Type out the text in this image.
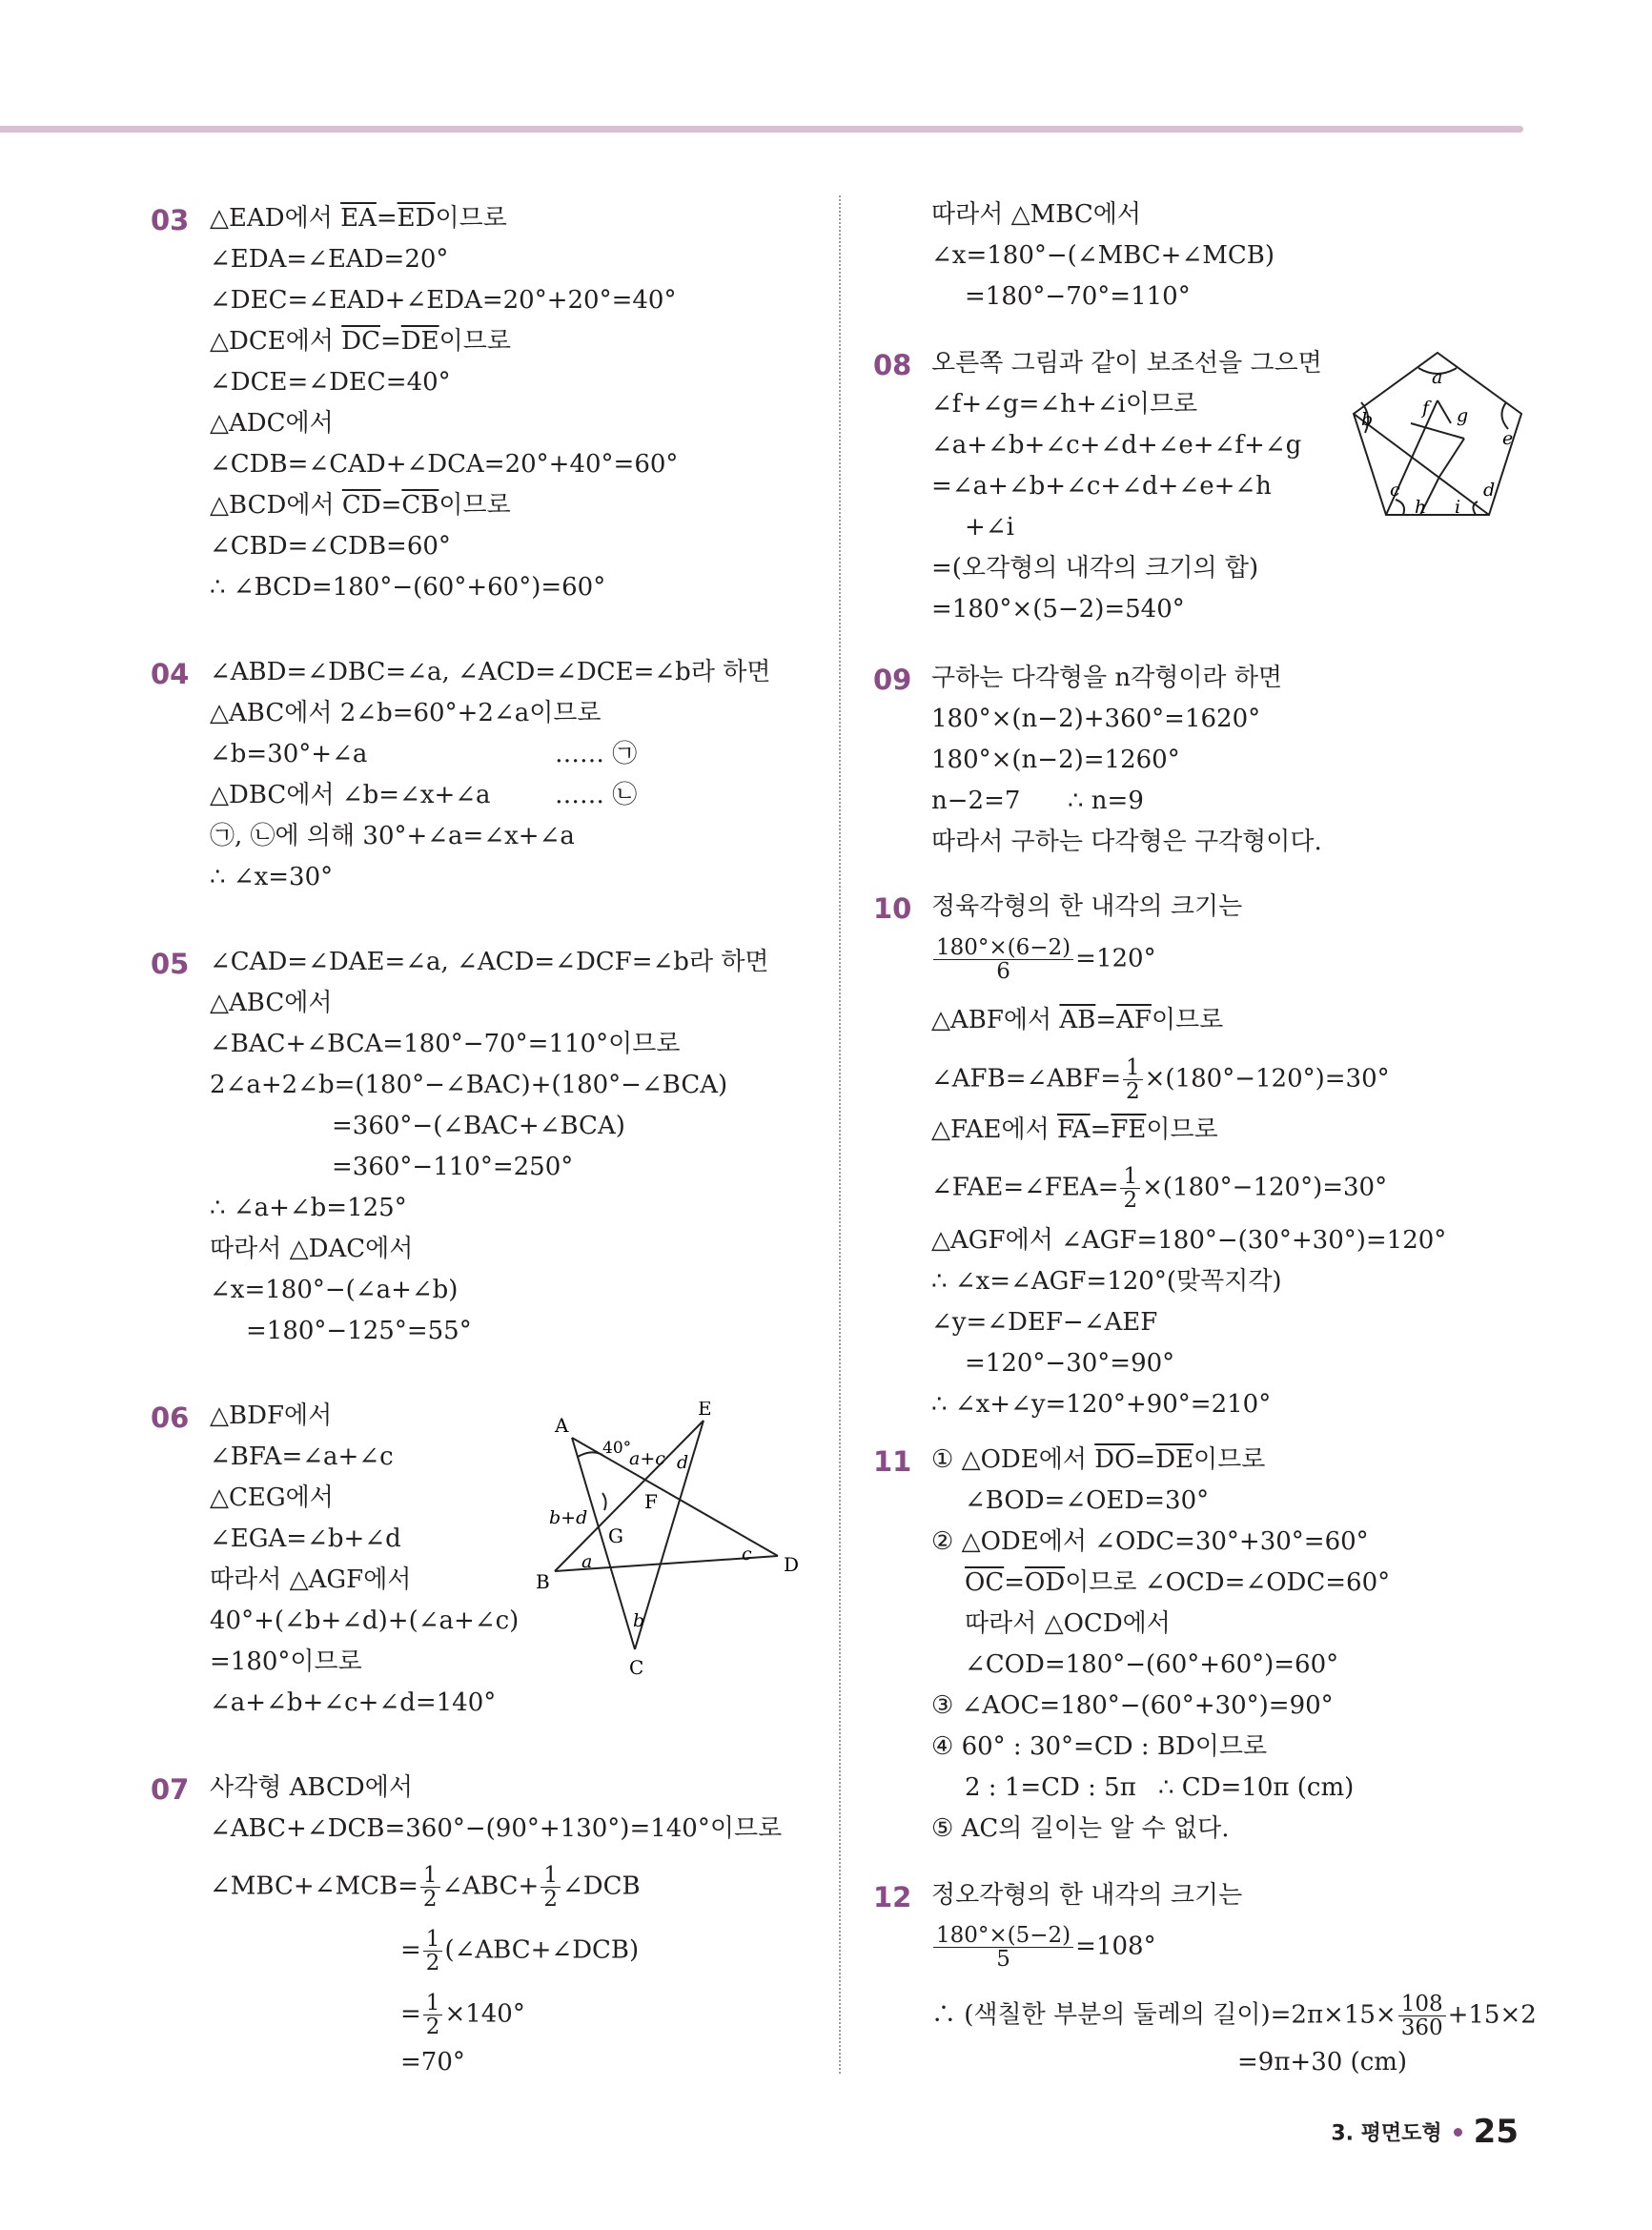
03 △EAD에서 $\overline{EA}=\overline{ED}$이므로
∠EDA=∠EAD=20°
∠DEC=∠EAD+∠EDA=20°+20°=40°
△DCE에서 $\overline{DC}=\overline{DE}$이므로
∠DCE=∠DEC=40°
△ADC에서
∠CDB=∠CAD+∠DCA=20°+40°=60°
△BCD에서 $\overline{CD}=\overline{CB}$이므로
∠CBD=∠CDB=60°
∴ ∠BCD=180°−(60°+60°)=60°
04 ∠ABD=∠DBC=∠a, ∠ACD=∠DCE=∠b라 하면
△ABC에서 2∠b=60°+2∠a이므로
∠b=30°+∠a	…… ㉠
△DBC에서 ∠b=∠x+∠a	…… ㉡
㉠, ㉡에 의해 30°+∠a=∠x+∠a
∴ ∠x=30°
05 ∠CAD=∠DAE=∠a, ∠ACD=∠DCF=∠b라 하면
△ABC에서
∠BAC+∠BCA=180°−70°=110°이므로
2∠a+2∠b=(180°−∠BAC)+(180°−∠BCA)
=360°−(∠BAC+∠BCA)
=360°−110°=250°
∴ ∠a+∠b=125°
따라서 △DAC에서
∠x=180°−(∠a+∠b)
=180°−125°=55°
06 △BDF에서
∠BFA=∠a+∠c
△CEG에서
∠EGA=∠b+∠d
따라서 △AGF에서
40°+(∠b+∠d)+(∠a+∠c)
=180°이므로
∠a+∠b+∠c+∠d=140°
A
E
B
D
F
G
40°
a+c
b+d
a
b
c
d
C
07 사각형 ABCD에서
∠ABC+∠DCB=360°−(90°+130°)=140°이므로
∠MBC+∠MCB= $\frac{1}{2}$ ∠ABC+ $\frac{1}{2}$ ∠DCB
= $\frac{1}{2}$ (∠ABC+∠DCB)
= $\frac{1}{2} \times 140^\circ$
=70°
따라서 △MBC에서
∠x=180°−(∠MBC+∠MCB)
=180°−70°=110°
08 오른쪽 그림과 같이 보조선을 그으면
∠f+∠g=∠h+∠i이므로
∠a+∠b+∠c+∠d+∠e+∠f+∠g
=∠a+∠b+∠c+∠d+∠e+∠h
+∠i
=(오각형의 내각의 크기의 합)
=180°×(5−2)=540°
a
b
c	d
e
f g
h i
09 구하는 다각형을 n각형이라 하면
180°×(n−2)+360°=1620°
180°×(n−2)=1260°
n−2=7 ∴ n=9
따라서 구하는 다각형은 구각형이다.
10 정육각형의 한 내각의 크기는
$\frac{180^\circ\times(6-2)}{6} =120^\circ$
△ABF에서 $\overline{AB}=\overline{AF}$이므로
∠AFB=∠ABF= $\frac{1}{2} \times(180^\circ-120^\circ)=30^\circ$
△FAE에서 $\overline{FA}=\overline{FE}$이므로
∠FAE=∠FEA= $\frac{1}{2} \times(180^\circ-120^\circ)=30^\circ$
△AGF에서 ∠AGF=180°−(30°+30°)=120°
∴ ∠x=∠AGF=120°(맞꼭지각)
∠y=∠DEF−∠AEF
=120°−30°=90°
∴ ∠x+∠y=120°+90°=210°
11 ① △ODE에서 $\overline{DO}=\overline{DE}$이므로
∠BOD=∠OED=30°
② △ODE에서 ∠ODC=30°+30°=60°
$\overline{OC}=\overline{OD}$이므로 ∠OCD=∠ODC=60°
따라서 △OCD에서
∠COD=180°−(60°+60°)=60°
③ ∠AOC=180°−(60°+30°)=90°
④ 60° : 30°=CD : BD이므로
2 : 1=CD : 5π ∴ CD=10π (cm)
⑤ AC의 길이는 알 수 없다.
12 정오각형의 한 내각의 크기는
$\frac{180^\circ\times(5-2)}{5} =108^\circ$
∴ (색칠한 부분의 둘레의 길이)$=2\pi\times 15\times \frac{108}{360} +15\times 2$
=9π+30 (cm)
3. 평면도형 25
